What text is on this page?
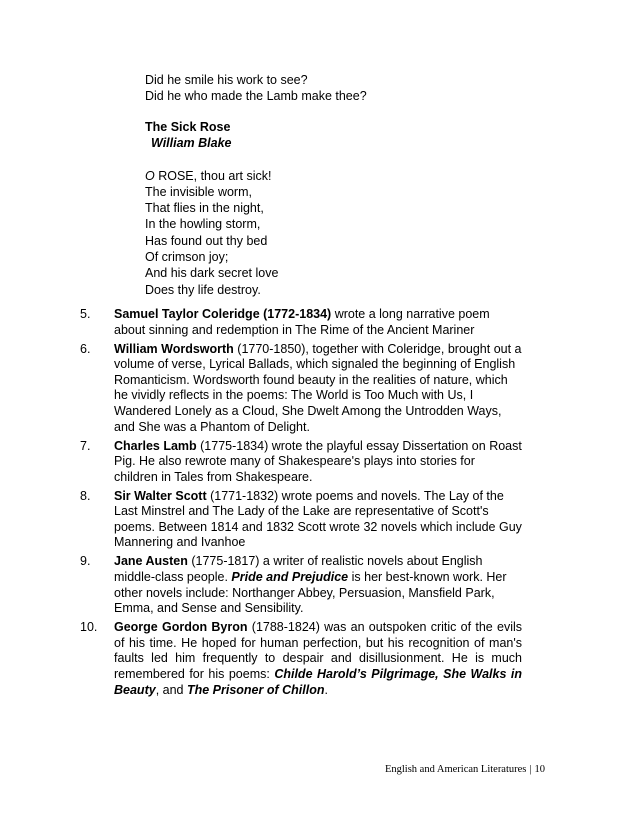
Did he smile his work to see?
Did he who made the Lamb make thee?
The Sick Rose
William Blake
O ROSE, thou art sick!
The invisible worm,
That flies in the night,
In the howling storm,
Has found out thy bed
Of crimson joy;
And his dark secret love
Does thy life destroy.
5. Samuel Taylor Coleridge (1772-1834) wrote a long narrative poem about sinning and redemption in The Rime of the Ancient Mariner
6. William Wordsworth (1770-1850), together with Coleridge, brought out a volume of verse, Lyrical Ballads, which signaled the beginning of English Romanticism. Wordsworth found beauty in the realities of nature, which he vividly reflects in the poems: The World is Too Much with Us, I Wandered Lonely as a Cloud, She Dwelt Among the Untrodden Ways, and She was a Phantom of Delight.
7. Charles Lamb (1775-1834) wrote the playful essay Dissertation on Roast Pig. He also rewrote many of Shakespeare's plays into stories for children in Tales from Shakespeare.
8. Sir Walter Scott (1771-1832) wrote poems and novels. The Lay of the Last Minstrel and The Lady of the Lake are representative of Scott's poems. Between 1814 and 1832 Scott wrote 32 novels which include Guy Mannering and Ivanhoe
9. Jane Austen (1775-1817) a writer of realistic novels about English middle-class people. Pride and Prejudice is her best-known work. Her other novels include: Northanger Abbey, Persuasion, Mansfield Park, Emma, and Sense and Sensibility.
10. George Gordon Byron (1788-1824) was an outspoken critic of the evils of his time. He hoped for human perfection, but his recognition of man's faults led him frequently to despair and disillusionment. He is much remembered for his poems: Childe Harold’s Pilgrimage, She Walks in Beauty, and The Prisoner of Chillon.
English and American Literatures | 10
